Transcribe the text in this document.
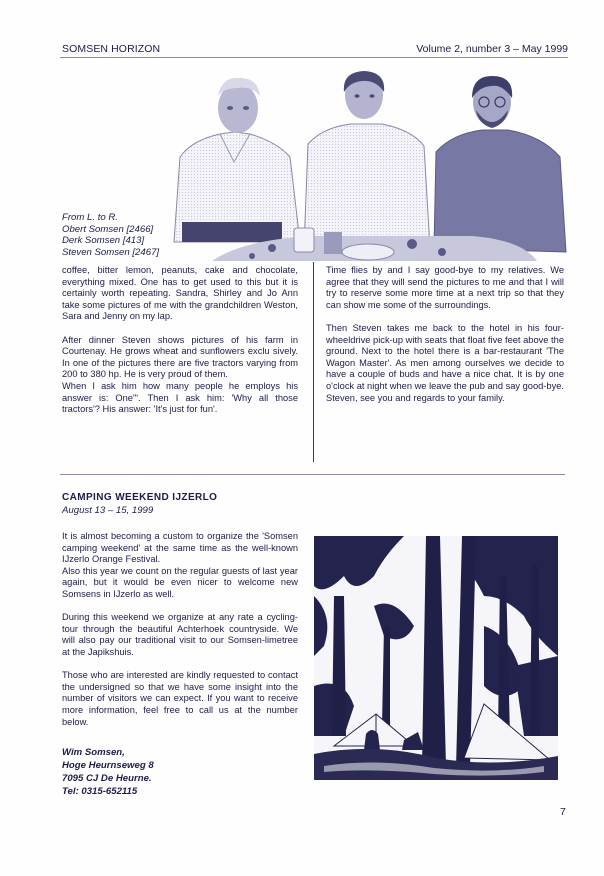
SOMSEN HORIZON	Volume 2, number 3 – May 1999
From L. to R.
Obert Somsen [2466]
Derk Somsen [413]
Steven Somsen [2467]

coffee, bitter lemon, peanuts, cake and chocolate, everything mixed. One has to get used to this but it is certainly worth repeating. Sandra, Shirley and Jo Ann take some pictures of me with the grandchildren Weston, Sara and Jenny on my lap.

After dinner Steven shows pictures of his farm in Courtenay. He grows wheat and sunflowers exclu sively. In one of the pictures there are five tractors varying from 200 to 380 hp. He is very proud of them.

When I ask him how many people he employs his answer is: One"'. Then I ask him: 'Why all those tractors'? His answer: 'It's just for fun'.

Time flies by and I say good-bye to my relatives. We agree that they will send the pictures to me and that I will try to reserve some more time at a next trip so that they can show me some of the surroundings.

Then Steven takes me back to the hotel in his four-wheeldrive pick-up with seats that float five feet above the ground. Next to the hotel there is a bar-restaurant 'The Wagon Master'. As men among ourselves we decide to have a couple of buds and have a nice chat. It is by one o'clock at night when we leave the pub and say good-bye.

Steven, see you and regards to your family.

CAMPING WEEKEND IJZERLO
August 13 – 15, 1999

It is almost becoming a custom to organize the 'Somsen camping weekend' at the same time as the well-known IJzerlo Orange Festival.

Also this year we count on the regular guests of last year again, but it would be even nicer to welcome new Somsens in IJzerlo as well.

During this weekend we organize at any rate a cycling-tour through the beautiful Achterhoek countryside. We will also pay our traditional visit to our Somsen-limetree at the Japikshuis.

Those who are interested are kindly requested to contact the undersigned so that we have some insight into the number of visitors we can expect. If you want to receive more information, feel free to call us at the number below.

Wim Somsen,
Hoge Heurnseweg 8
7095 CJ De Heurne.
Tel: 0315-652115
7
